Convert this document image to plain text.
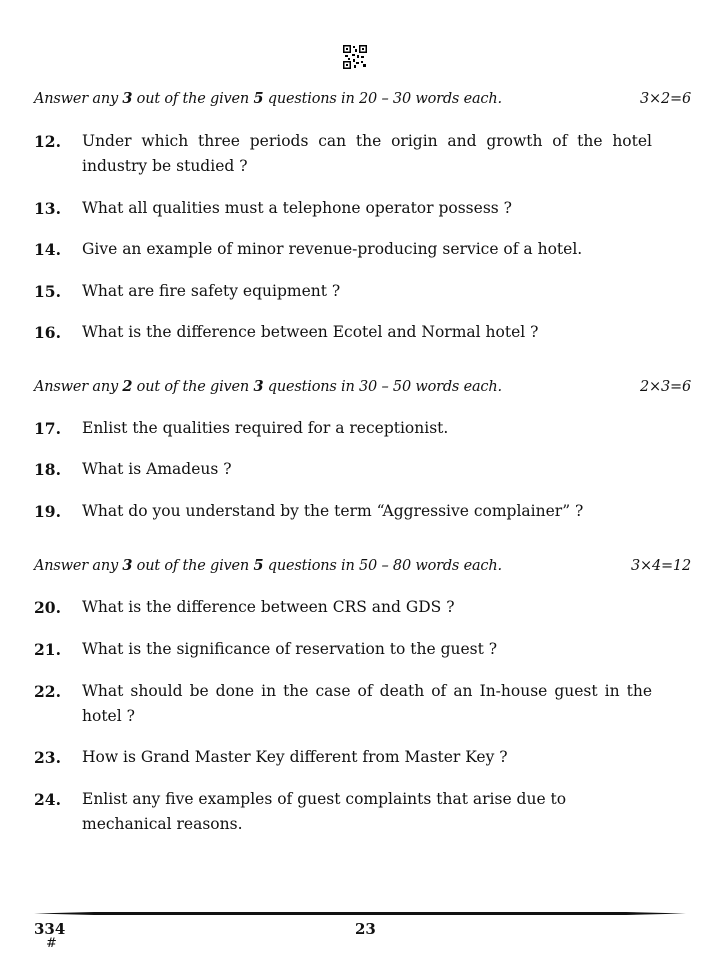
Answer any 3 out of the given 5 questions in 20 – 30 words each.	3×2=6
12.	Under which three periods can the origin and growth of the hotel industry be studied ?
13.	What all qualities must a telephone operator possess ?
14.	Give an example of minor revenue-producing service of a hotel.
15.	What are fire safety equipment ?
16.	What is the difference between Ecotel and Normal hotel ?
Answer any 2 out of the given 3 questions in 30 – 50 words each.	2×3=6
17.	Enlist the qualities required for a receptionist.
18.	What is Amadeus ?
19.	What do you understand by the term “Aggressive complainer” ?
Answer any 3 out of the given 5 questions in 50 – 80 words each.	3×4=12
20.	What is the difference between CRS and GDS ?
21.	What is the significance of reservation to the guest ?
22.	What should be done in the case of death of an In-house guest in the hotel ?
23.	How is Grand Master Key different from Master Key ?
24.	Enlist any five examples of guest complaints that arise due to mechanical reasons.
334
#
23
